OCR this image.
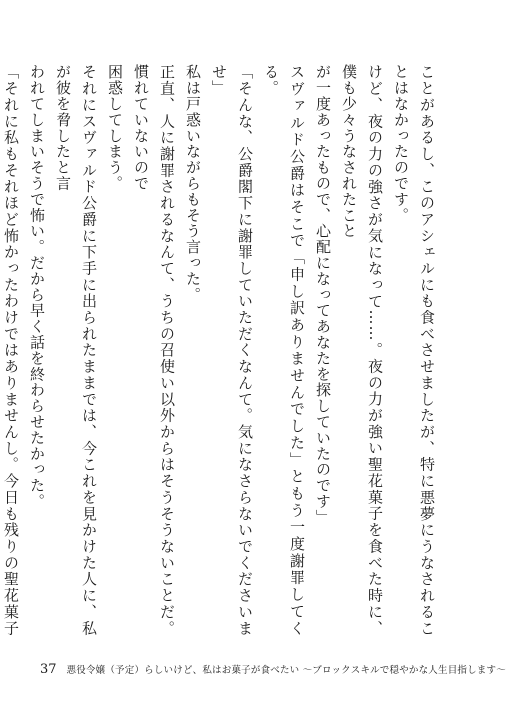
ことがあるし、このアシェルにも食べさせましたが、特に悪夢にうなされることはなかったのです。

けど、夜の力の強さが気になって……。夜の力が強い聖花菓子を食べた時に、僕も少々うなされたこと

が一度あったもので、心配になってあなたを探していたのです」

スヴァルド公爵はそこで「申し訳ありませんでした」ともう一度謝罪してくる。

「そんな、公爵閣下に謝罪していただくなんて。気になさらないでくださいませ」

私は戸惑いながらもそう言った。

正直、人に謝罪されるなんて、うちの召使い以外からはそうそうないことだ。慣れていないので

困惑してしまう。

それにスヴァルド公爵に下手に出られたままでは、今これを見かけた人に、私が彼を脅したと言

われてしまいそうで怖い。だから早く話を終わらせたかった。

「それに私もそれほど怖かったわけではありませんし。今日も残りの聖花菓子

37 悪役令嬢（予定）らしいけど、私はお菓子が食べたい ～ブロックスキルで穏やかな人生目指します～
